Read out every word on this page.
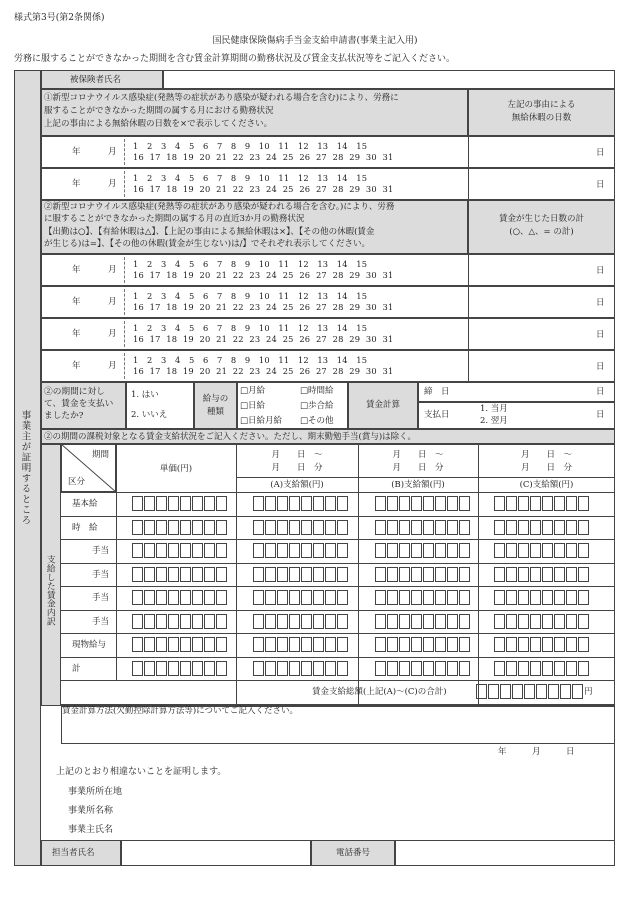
様式第3号(第2条関係)
国民健康保険傷病手当金支給申請書(事業主記入用)
労務に服することができなかった期間を含む賃金計算期間の勤務状況及び賃金支払状況等をご記入ください。
事業主が証明するところ
被保険者氏名
①新型コロナウイルス感染症(発熱等の症状があり感染が疑われる場合を含む)により、労務に
服することができなかった期間の属する月における勤務状況
上記の事由による無給休暇の日数を×で表示してください。
左記の事由による
無給休暇の日数
年	月
1   2   3   4   5   6   7   8   9   10   11   12   13   14   15
16  17  18  19  20  21  22  23  24  25  26  27  28  29  30  31	日
年	月
1   2   3   4   5   6   7   8   9   10   11   12   13   14   15
16  17  18  19  20  21  22  23  24  25  26  27  28  29  30  31	日
②新型コロナウイルス感染症(発熱等の症状があり感染が疑われる場合を含む。)により、労務
に服することができなかった期間の属する月の直近3か月の勤務状況
【出勤は○】、【有給休暇は△】、【上記の事由による無給休暇は×】、【その他の休暇(賃金
が生じる)は=】、【その他の休暇(賃金が生じない)は/】でそれぞれ表示してください。
賃金が生じた日数の計
(○、△、= の計)
年	月
1   2   3   4   5   6   7   8   9   10   11   12   13   14   15
16  17  18  19  20  21  22  23  24  25  26  27  28  29  30  31	日
年	月
1   2   3   4   5   6   7   8   9   10   11   12   13   14   15
16  17  18  19  20  21  22  23  24  25  26  27  28  29  30  31	日
年	月
1   2   3   4   5   6   7   8   9   10   11   12   13   14   15
16  17  18  19  20  21  22  23  24  25  26  27  28  29  30  31	日
年	月
1   2   3   4   5   6   7   8   9   10   11   12   13   14   15
16  17  18  19  20  21  22  23  24  25  26  27  28  29  30  31	日
②の期間に対し
て、賃金を支払い
ましたか?
1. はい
2. いいえ
給与の
種類
□月給	□時間給
□日給	□歩合給
□日給月給 □その他
賃金計算
締　日	日
支払日
1. 当月
2. 翌月
日
②の期間の課税対象となる賃金支給状況をご記入ください。ただし、期末勤勉手当(賞与)は除く。
支給した賃金内訳
期間
区分
単価(円)
月　　日　～
月　　日　分
月　　日　～
月　　日　分
月　　日　～
月　　日　分
(A)支給額(円)	(B)支給額(円)	(C)支給額(円)
基本給
時　給
手当
手当
手当
手当
現物給与
計
賃金支給総額(上記(A)～(C)の合計)	円
賃金計算方法(欠勤控除計算方法等)についてご記入ください。
年　　　月　　　日
上記のとおり相違ないことを証明します。
事業所所在地
事業所名称
事業主氏名
担当者氏名	電話番号
